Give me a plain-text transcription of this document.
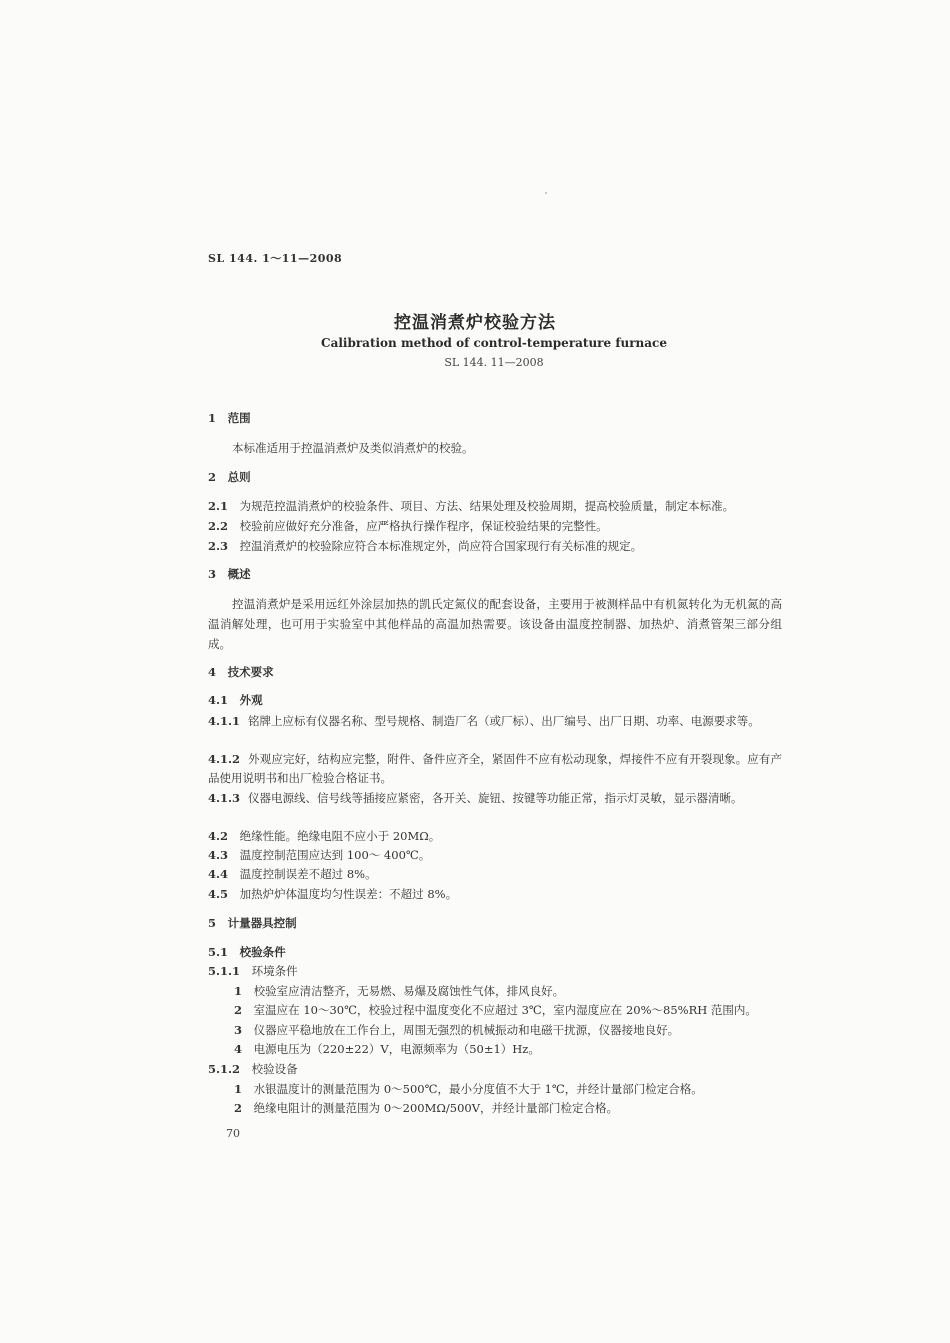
SL 144. 1～11—2008
控温消煮炉校验方法
Calibration method of control-temperature furnace
SL 144. 11—2008
1 范围
本标准适用于控温消煮炉及类似消煮炉的校验。
2 总则
2.1 为规范控温消煮炉的校验条件、项目、方法、结果处理及校验周期，提高校验质量，制定本标准。
2.2 校验前应做好充分准备，应严格执行操作程序，保证校验结果的完整性。
2.3 控温消煮炉的校验除应符合本标准规定外，尚应符合国家现行有关标准的规定。
3 概述
控温消煮炉是采用远红外涂层加热的凯氏定氮仪的配套设备，主要用于被测样品中有机氮转化为无机氮的高温消解处理，也可用于实验室中其他样品的高温加热需要。该设备由温度控制器、加热炉、消煮管架三部分组成。
4 技术要求
4.1 外观
4.1.1 铭牌上应标有仪器名称、型号规格、制造厂名（或厂标）、出厂编号、出厂日期、功率、电源要求等。
4.1.2 外观应完好，结构应完整，附件、备件应齐全，紧固件不应有松动现象，焊接件不应有开裂现象。应有产品使用说明书和出厂检验合格证书。
4.1.3 仪器电源线、信号线等插接应紧密，各开关、旋钮、按键等功能正常，指示灯灵敏，显示器清晰。
4.2 绝缘性能。绝缘电阻不应小于 20MΩ。
4.3 温度控制范围应达到 100～ 400℃。
4.4 温度控制误差不超过 8%。
4.5 加热炉炉体温度均匀性误差：不超过 8%。
5 计量器具控制
5.1 校验条件
5.1.1 环境条件
1 校验室应清洁整齐，无易燃、易爆及腐蚀性气体，排风良好。
2 室温应在 10～30℃，校验过程中温度变化不应超过 3℃，室内湿度应在 20%～85%RH 范围内。
3 仪器应平稳地放在工作台上，周围无强烈的机械振动和电磁干扰源，仪器接地良好。
4 电源电压为（220±22）V，电源频率为（50±1）Hz。
5.1.2 校验设备
1 水银温度计的测量范围为 0～500℃，最小分度值不大于 1℃，并经计量部门检定合格。
2 绝缘电阻计的测量范围为 0～200MΩ/500V，并经计量部门检定合格。
70
